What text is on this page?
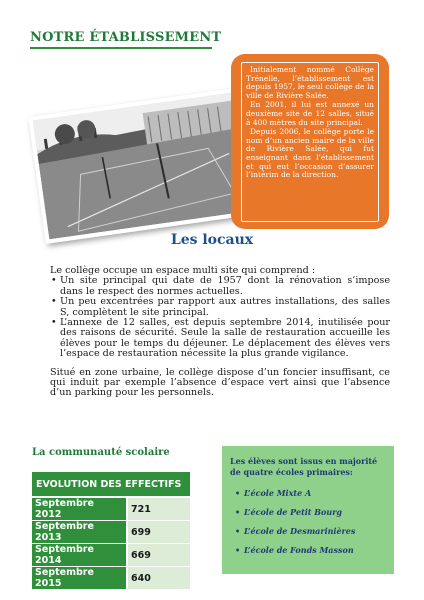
NOTRE ÉTABLISSEMENT

Initialement nommé Collège Trénelle, l’établissement est depuis 1957, le seul collège de la ville de Rivière Salée.

En 2001, il lui est annexé un deuxième site de 12 salles, situé à 400 mètres du site principal.

Depuis 2006, le collège porte le nom d’un ancien maire de la ville de Rivière Salée, qui fut enseignant dans l’établissement et qui eut l’occasion d’assurer l’intérim de la direction.

Les locaux

Le collège occupe un espace multi site qui comprend :

• Un site principal qui date de 1957 dont la rénovation s’impose dans le respect des normes actuelles.
• Un peu excentrées par rapport aux autres installations, des salles S, complètent le site principal.
• L’annexe de 12 salles, est depuis septembre 2014, inutilisée pour des raisons de sécurité. Seule la salle de restauration accueille les élèves pour le temps du déjeuner. Le déplacement des élèves vers l’espace de restauration nécessite la plus grande vigilance.

Situé en zone urbaine, le collège dispose d’un foncier insuffisant, ce qui induit par exemple l’absence d’espace vert ainsi que l’absence d’un parking pour les personnels.

La communauté scolaire
EVOLUTION DES EFFECTIFS	
Septembre 2012	721
Septembre 2013	699
Septembre 2014	669
Septembre 2015	640
Les élèves sont issus en majorité de quatre écoles primaires:
• L’école Mixte A
• L’école de Petit Bourg
• L’école de Desmarinières
• L’école de Fonds Masson
